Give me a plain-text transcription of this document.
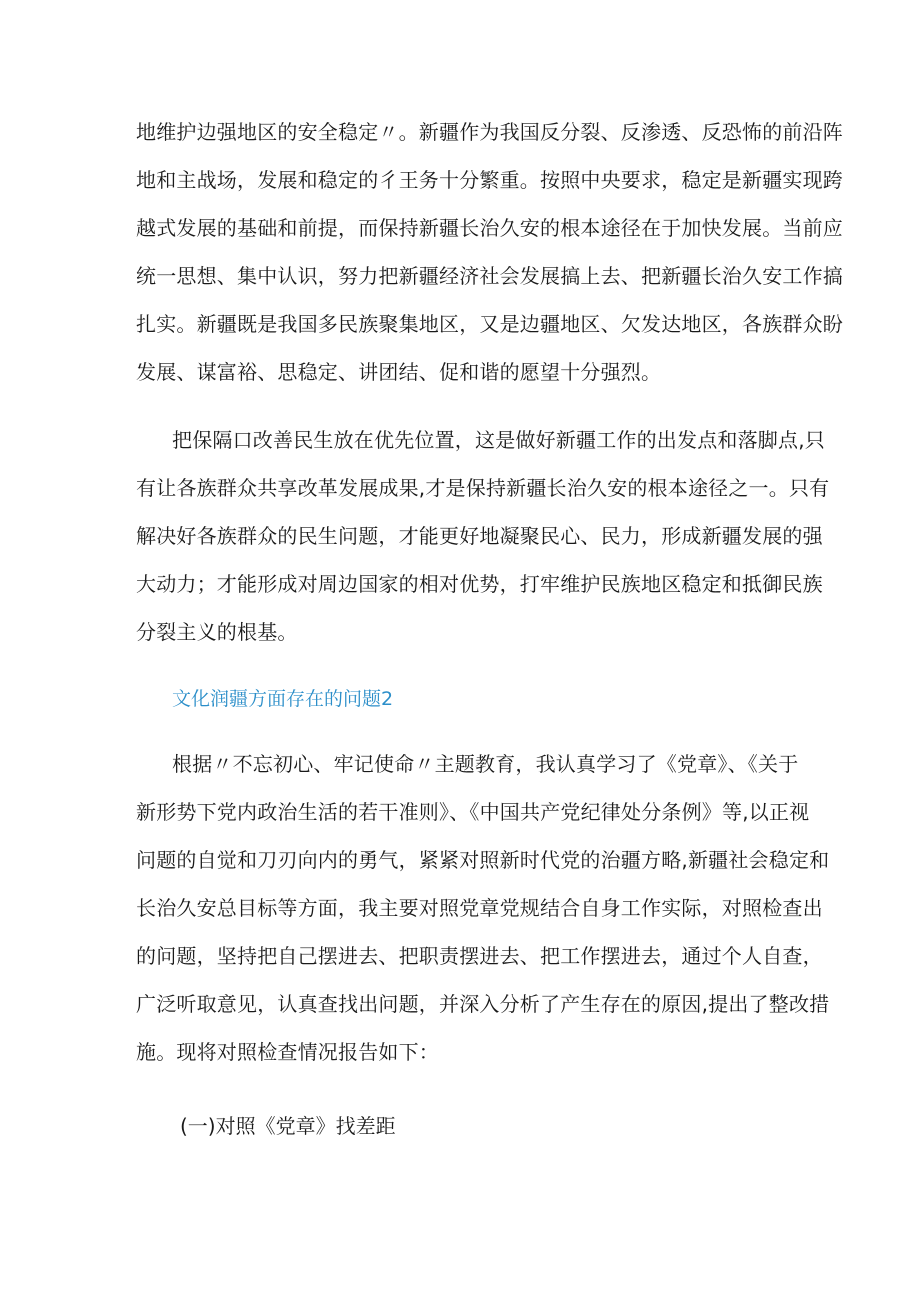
地维护边强地区的安全稳定〃。新疆作为我国反分裂、反渗透、反恐怖的前沿阵
地和主战场，发展和稳定的彳王务十分繁重。按照中央要求，稳定是新疆实现跨
越式发展的基础和前提，而保持新疆长治久安的根本途径在于加快发展。当前应
统一思想、集中认识，努力把新疆经济社会发展搞上去、把新疆长治久安工作搞
扎实。新疆既是我国多民族聚集地区，又是边疆地区、欠发达地区，各族群众盼
发展、谋富裕、思稳定、讲团结、促和谐的愿望十分强烈。
把保隔口改善民生放在优先位置，这是做好新疆工作的出发点和落脚点,只
有让各族群众共享改革发展成果,才是保持新疆长治久安的根本途径之一。只有
解决好各族群众的民生问题，才能更好地凝聚民心、民力，形成新疆发展的强
大动力；才能形成对周边国家的相对优势，打牢维护民族地区稳定和抵御民族
分裂主义的根基。
文化润疆方面存在的问题2
根据〃不忘初心、牢记使命〃主题教育，我认真学习了《党章》、《关于
新形势下党内政治生活的若干准则》、《中国共产党纪律处分条例》等,以正视
问题的自觉和刀刃向内的勇气，紧紧对照新时代党的治疆方略,新疆社会稳定和
长治久安总目标等方面，我主要对照党章党规结合自身工作实际，对照检查出
的问题，坚持把自己摆进去、把职责摆进去、把工作摆进去，通过个人自查，
广泛听取意见，认真查找出问题，并深入分析了产生存在的原因,提出了整改措
施。现将对照检查情况报告如下：
(一)对照《党章》找差距
